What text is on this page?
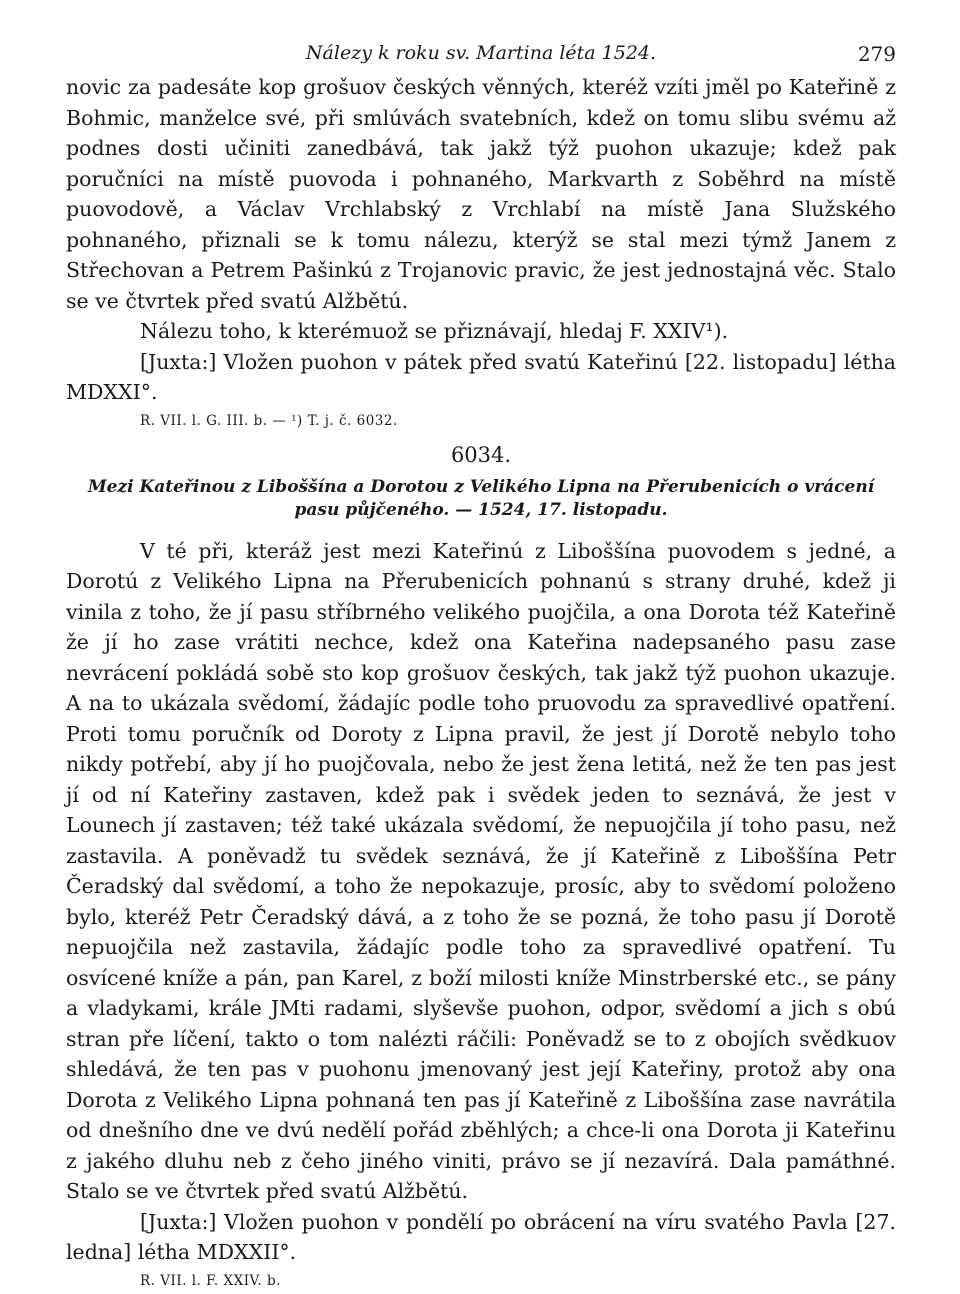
Nálezy k roku sv. Martina léta 1524.	279

novic za padesáte kop grošuov českých věnných, kteréž vzíti jměl po Kateřině z Bohmic, manželce své, při smlúvách svatebních, kdež on tomu slibu svému až podnes dosti učiniti zanedbává, tak jakž týž puohon ukazuje; kdež pak poručníci na místě puovoda i pohnaného, Markvarth z Soběhrd na místě puovodově, a Václav Vrchlabský z Vrchlabí na místě Jana Služského pohnaného, přiznali se k tomu nálezu, kterýž se stal mezi týmž Janem z Střechovan a Petrem Pašinkú z Trojanovic pravic, že jest jednostajná věc. Stalo se ve čtvrtek před svatú Alžbětú.

Nálezu toho, k kterémuož se přiznávají, hledaj F. XXIV¹).

[Juxta:] Vložen puohon v pátek před svatú Kateřinú [22. listopadu] létha MDXXI°.

R. VII. l. G. III. b. — ¹) T. j. č. 6032.
6034.
Mezi Kateřinou z Liboššína a Dorotou z Velikého Lipna na Přerubenicích o vrácení pasu půjčeného. — 1524, 17. listopadu.

V té při, kteráž jest mezi Kateřinú z Liboššína puovodem s jedné, a Dorotú z Velikého Lipna na Přerubenicích pohnanú s strany druhé, kdež ji vinila z toho, že jí pasu stříbrného velikého puojčila, a ona Dorota též Kateřině že jí ho zase vrátiti nechce, kdež ona Kateřina nadepsaného pasu zase nevrácení pokládá sobě sto kop grošuov českých, tak jakž týž puohon ukazuje. A na to ukázala svědomí, žádajíc podle toho pruovodu za spravedlivé opatření. Proti tomu poručník od Doroty z Lipna pravil, že jest jí Dorotě nebylo toho nikdy potřebí, aby jí ho puojčovala, nebo že jest žena letitá, než že ten pas jest jí od ní Kateřiny zastaven, kdež pak i svědek jeden to seznává, že jest v Lounech jí zastaven; též také ukázala svědomí, že nepuojčila jí toho pasu, než zastavila. A poněvadž tu svědek seznává, že jí Kateřině z Liboššína Petr Čeradský dal svědomí, a toho že nepokazuje, prosíc, aby to svědomí položeno bylo, kteréž Petr Čeradský dává, a z toho že se pozná, že toho pasu jí Dorotě nepuojčila než zastavila, žádajíc podle toho za spravedlivé opatření. Tu osvícené kníže a pán, pan Karel, z boží milosti kníže Minstrberské etc., se pány a vladykami, krále JMti radami, slyševše puohon, odpor, svědomí a jich s obú stran pře líčení, takto o tom nalézti ráčili: Poněvadž se to z obojích svědkuov shledává, že ten pas v puohonu jmenovaný jest její Kateřiny, protož aby ona Dorota z Velikého Lipna pohnaná ten pas jí Kateřině z Liboššína zase navrátila od dnešního dne ve dvú nedělí pořád zběhlých; a chce-li ona Dorota ji Kateřinu z jakého dluhu neb z čeho jiného viniti, právo se jí nezavírá. Dala památhné. Stalo se ve čtvrtek před svatú Alžbětú.

[Juxta:] Vložen puohon v pondělí po obrácení na víru svatého Pavla [27. ledna] létha MDXXII°.

R. VII. l. F. XXIV. b.
